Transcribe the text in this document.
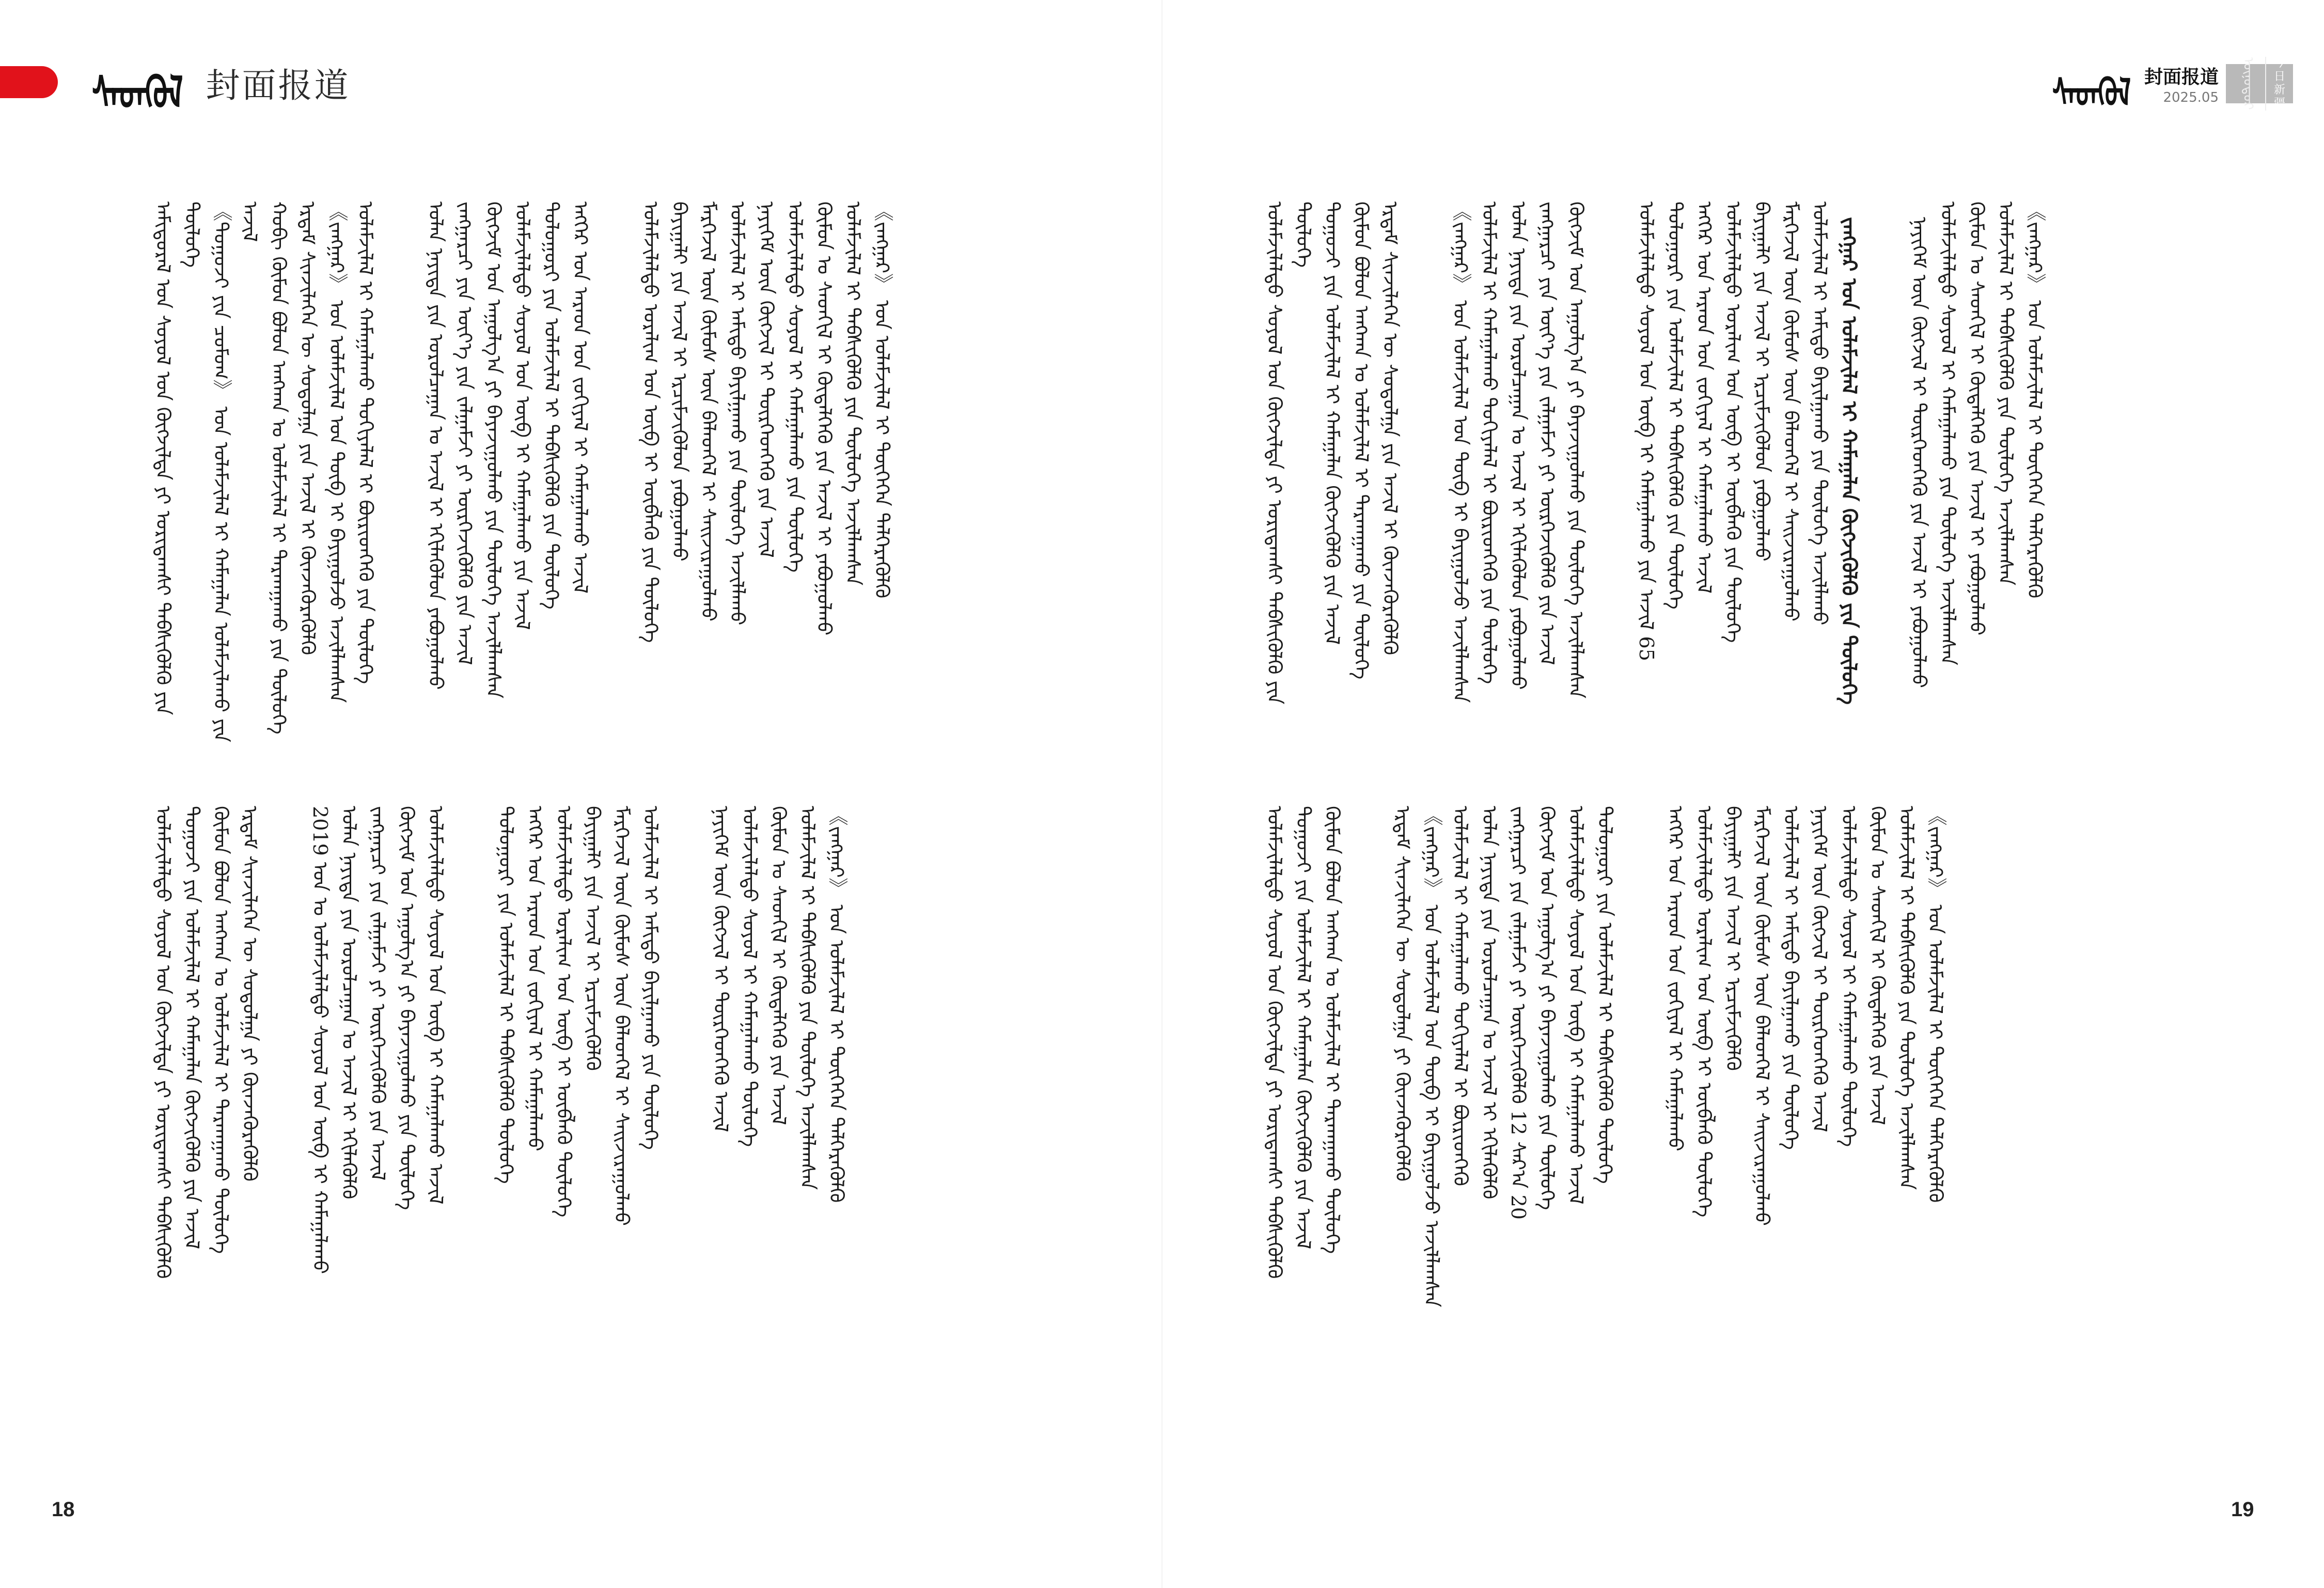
ᠰᠡᠳᠬᠦᠯ 封面报道	ᠰᠡᠳᠬᠦᠯ 封面报道
2025.05	ᠥᠨᠥᠳᠦᠷ	今日新疆
ᠠᠮᠢᠳᠤᠷᠠᠯ ᠤᠨ ᠰᠤᠶᠤᠯ ᠤᠨ ᠬᠥᠭᠵᠢᠯᠲᠡ ᠶᠢ ᠤᠷᠢᠳᠠᠭᠰᠢ ᠳᠡᠪᠰᠢᠭᠦᠯᠬᠦ ᠶᠢᠨ ᠲᠥᠯᠥᠭᠡ 《ᠲᠤᠭᠤᠵᠢ ᠶᠢᠨ ᠴᠤᠮᠤᠭ》 ᠤᠨ ᠤᠯᠠᠮᠵᠢᠯᠠᠯ ᠢ ᠬᠠᠮᠠᠭᠠᠯᠠᠨ ᠤᠯᠠᠮᠵᠢᠯᠠᠬᠤ ᠶᠢᠨ ᠠᠵᠢᠯ ᠬᠤᠪᠢ ᠬᠦᠮᠦᠨ ᠪᠣᠯᠤᠨ ᠠᠩᠬᠠᠨ ᠤ ᠤᠯᠠᠮᠵᠢᠯᠠᠯ ᠢ ᠲᠠᠷᠬᠠᠭᠠᠬᠤ ᠶᠢᠨ ᠲᠥᠯᠥᠭᠡ ᠡᠷᠳᠡᠮ ᠰᠢᠨᠵᠢᠯᠡᠭᠡᠨ ᠦ ᠰᠤᠳᠤᠯᠭᠠ ᠶᠢᠨ ᠠᠵᠢᠯ ᠢ ᠭᠦᠨᠵᠡᠭᠦᠷᠡᠭᠦᠯᠬᠦ 《ᠵᠠᠩᠭᠠᠷ》 ᠤᠨ ᠤᠯᠠᠮᠵᠢᠯᠠᠯ ᠤᠨ ᠲᠥᠪ ᠢ ᠪᠠᠶᠢᠭᠤᠯᠵᠤ ᠠᠵᠢᠯᠯᠠᠭᠰᠠᠨ ᠤᠯᠠᠮᠵᠢᠯᠠᠯ ᠢ ᠬᠠᠮᠠᠭᠠᠯᠠᠬᠤ ᠲᠣᠬᠢᠶᠠᠯᠠᠯ ᠢ ᠪᠦᠷᠢᠳᠬᠡᠬᠦ ᠶᠢᠨ ᠲᠥᠯᠥᠭᠡ	ᠣᠯᠠᠨ ᠨᠡᠶᠢᠲᠡ ᠶᠢᠨ ᠤᠷᠤᠯᠴᠠᠭᠠᠨ ᠤ ᠠᠵᠢᠯ ᠢ ᠡᠬᠢᠯᠡᠭᠦᠯᠦᠨ ᠶᠠᠪᠤᠭᠤᠯᠬᠤ ᠵᠠᠩᠭᠠᠷᠴᠢ ᠶᠢᠨ ᠦᠶ᠎ᠡ ᠶᠢᠨ ᠵᠠᠯᠭᠠᠮᠵᠢ ᠶᠢ ᠥᠷᠭᠡᠵᠢᠭᠦᠯᠬᠦ ᠶᠢᠨ ᠠᠵᠢᠯ ᠬᠥᠭᠵᠢᠮ ᠤᠨ ᠠᠭᠤᠯᠭ᠎ᠠ ᠶᠢ ᠪᠠᠶᠠᠵᠢᠭᠤᠯᠬᠤ ᠶᠢᠨ ᠲᠥᠯᠥᠭᠡ ᠠᠵᠢᠯᠯᠠᠭᠰᠠᠨ ᠤᠯᠠᠮᠵᠢᠯᠠᠯᠲᠤ ᠰᠣᠶᠣᠯ ᠤᠨ ᠥᠪ ᠢ ᠬᠠᠮᠠᠭᠠᠯᠠᠬᠤ ᠶᠢᠨ ᠠᠵᠢᠯ ᠲᠤᠯᠤᠭᠤᠷᠢ ᠶᠢᠨ ᠤᠯᠠᠮᠵᠢᠯᠠᠯ ᠢ ᠳᠡᠪᠰᠢᠭᠦᠯᠬᠦ ᠶᠢᠨ ᠲᠥᠯᠥᠭᠡ ᠡᠩᠭᠡᠷ ᠤᠨ ᠠᠷᠠᠳ ᠤᠨ ᠵᠣᠬᠢᠶᠠᠯ ᠢ ᠬᠠᠮᠠᠭᠠᠯᠠᠬᠤ ᠠᠵᠢᠯ	ᠤᠯᠠᠮᠵᠢᠯᠠᠯᠲᠤ ᠤᠷᠠᠯᠢᠭ ᠤᠨ ᠥᠪ ᠢ ᠥᠪᠯᠡᠬᠦ ᠶᠢᠨ ᠲᠥᠯᠥᠭᠡ ᠪᠠᠶᠢᠭᠠᠯᠢ ᠶᠢᠨ ᠠᠵᠢᠯ ᠢ ᠡᠷᠴᠢᠮᠵᠢᠭᠦᠯᠦᠨ ᠶᠠᠪᠤᠭᠤᠯᠬᠤ ᠮᠡᠷᠭᠡᠵᠢᠯ ᠦᠨ ᠬᠦᠮᠦᠰ ᠦᠨ ᠪᠡᠯᠡᠳᠬᠡᠯ ᠢ ᠰᠠᠢᠵᠢᠷᠠᠭᠤᠯᠬᠤ ᠤᠯᠠᠮᠵᠢᠯᠠᠯ ᠢ ᠠᠮᠢᠳᠤ ᠪᠠᠶᠢᠯᠭᠠᠬᠤ ᠶᠢᠨ ᠲᠥᠯᠥᠭᠡ ᠠᠵᠢᠯᠯᠠᠬᠤ ᠨᠡᠶᠢᠭᠡᠮ ᠦᠨ ᠬᠥᠭᠵᠢᠯ ᠢ ᠲᠦᠷᠭᠡᠳᠬᠡᠬᠦ ᠶᠢᠨ ᠠᠵᠢᠯ ᠤᠯᠠᠮᠵᠢᠯᠠᠯᠲᠤ ᠰᠤᠶᠤᠯ ᠢ ᠬᠠᠮᠠᠭᠠᠯᠠᠬᠤ ᠶᠢᠨ ᠲᠥᠯᠥᠭᠡ ᠬᠦᠮᠦᠨ ᠤ ᠰᠡᠳᠬᠢᠯ ᠢ ᠬᠥᠳᠡᠯᠭᠡᠬᠦ ᠶᠢᠨ ᠠᠵᠢᠯ ᠢ ᠶᠠᠪᠤᠭᠤᠯᠬᠤ ᠤᠯᠠᠮᠵᠢᠯᠠᠯ ᠢ ᠳᠡᠪᠰᠢᠭᠦᠯᠬᠦ ᠶᠢᠨ ᠲᠥᠯᠥᠭᠡ ᠠᠵᠢᠯᠯᠠᠭᠰᠠᠨ 《ᠵᠠᠩᠭᠠᠷ》 ᠤᠨ ᠤᠯᠠᠮᠵᠢᠯᠠᠯ ᠢ ᠲᠦᠭᠡᠭᠡᠨ ᠳᠡᠯᠭᠡᠷᠡᠭᠦᠯᠬᠦ
ᠤᠯᠠᠮᠵᠢᠯᠠᠯᠲᠤ ᠰᠤᠶᠤᠯ ᠤᠨ ᠬᠥᠭᠵᠢᠯᠲᠡ ᠶᠢ ᠤᠷᠢᠳᠠᠭᠰᠢ ᠳᠡᠪᠰᠢᠭᠦᠯᠬᠦ ᠲᠤᠭᠤᠵᠢ ᠶᠢᠨ ᠤᠯᠠᠮᠵᠢᠯᠠᠯ ᠢ ᠬᠠᠮᠠᠭᠠᠯᠠᠨ ᠬᠥᠭᠵᠢᠭᠦᠯᠬᠦ ᠶᠢᠨ ᠠᠵᠢᠯ ᠬᠦᠮᠦᠨ ᠪᠣᠯᠤᠨ ᠠᠩᠬᠠᠨ ᠤ ᠤᠯᠠᠮᠵᠢᠯᠠᠯ ᠢ ᠲᠠᠷᠬᠠᠭᠠᠬᠤ ᠲᠥᠯᠥᠭᠡ ᠡᠷᠳᠡᠮ ᠰᠢᠨᠵᠢᠯᠡᠭᠡᠨ ᠦ ᠰᠤᠳᠤᠯᠭᠠ ᠶᠢ ᠭᠦᠨᠵᠡᠭᠦᠷᠡᠭᠦᠯᠬᠦ	2019 ᠣᠨ ᠤ ᠤᠯᠠᠮᠵᠢᠯᠠᠯᠲᠤ ᠰᠤᠶᠤᠯ ᠤᠨ ᠥᠪ ᠢ ᠬᠠᠮᠠᠭᠠᠯᠠᠬᠤ ᠣᠯᠠᠨ ᠨᠡᠶᠢᠲᠡ ᠶᠢᠨ ᠤᠷᠤᠯᠴᠠᠭᠠᠨ ᠤ ᠠᠵᠢᠯ ᠢ ᠡᠬᠢᠯᠡᠭᠦᠯᠬᠦ ᠵᠠᠩᠭᠠᠷᠴᠢ ᠶᠢᠨ ᠵᠠᠯᠭᠠᠮᠵᠢ ᠶᠢ ᠥᠷᠭᠡᠵᠢᠭᠦᠯᠬᠦ ᠶᠢᠨ ᠠᠵᠢᠯ ᠬᠥᠭᠵᠢᠮ ᠤᠨ ᠠᠭᠤᠯᠭ᠎ᠠ ᠶᠢ ᠪᠠᠶᠠᠵᠢᠭᠤᠯᠬᠤ ᠶᠢᠨ ᠲᠥᠯᠥᠭᠡ ᠤᠯᠠᠮᠵᠢᠯᠠᠯᠲᠤ ᠰᠣᠶᠣᠯ ᠤᠨ ᠥᠪ ᠢ ᠬᠠᠮᠠᠭᠠᠯᠠᠬᠤ ᠠᠵᠢᠯ	ᠲᠤᠯᠤᠭᠤᠷᠢ ᠶᠢᠨ ᠤᠯᠠᠮᠵᠢᠯᠠᠯ ᠢ ᠳᠡᠪᠰᠢᠭᠦᠯᠬᠦ ᠲᠥᠯᠥᠭᠡ ᠡᠩᠭᠡᠷ ᠤᠨ ᠠᠷᠠᠳ ᠤᠨ ᠵᠣᠬᠢᠶᠠᠯ ᠢ ᠬᠠᠮᠠᠭᠠᠯᠠᠬᠤ ᠤᠯᠠᠮᠵᠢᠯᠠᠯᠲᠤ ᠤᠷᠠᠯᠢᠭ ᠤᠨ ᠥᠪ ᠢ ᠥᠪᠯᠡᠬᠦ ᠲᠥᠯᠥᠭᠡ ᠪᠠᠶᠢᠭᠠᠯᠢ ᠶᠢᠨ ᠠᠵᠢᠯ ᠢ ᠡᠷᠴᠢᠮᠵᠢᠭᠦᠯᠬᠦ ᠮᠡᠷᠭᠡᠵᠢᠯ ᠦᠨ ᠬᠦᠮᠦᠰ ᠦᠨ ᠪᠡᠯᠡᠳᠬᠡᠯ ᠢ ᠰᠠᠢᠵᠢᠷᠠᠭᠤᠯᠬᠤ ᠤᠯᠠᠮᠵᠢᠯᠠᠯ ᠢ ᠠᠮᠢᠳᠤ ᠪᠠᠶᠢᠯᠭᠠᠬᠤ ᠶᠢᠨ ᠲᠥᠯᠥᠭᠡ	ᠨᠡᠶᠢᠭᠡᠮ ᠦᠨ ᠬᠥᠭᠵᠢᠯ ᠢ ᠲᠦᠷᠭᠡᠳᠬᠡᠬᠦ ᠠᠵᠢᠯ ᠤᠯᠠᠮᠵᠢᠯᠠᠯᠲᠤ ᠰᠤᠶᠤᠯ ᠢ ᠬᠠᠮᠠᠭᠠᠯᠠᠬᠤ ᠲᠥᠯᠥᠭᠡ ᠬᠦᠮᠦᠨ ᠤ ᠰᠡᠳᠬᠢᠯ ᠢ ᠬᠥᠳᠡᠯᠭᠡᠬᠦ ᠶᠢᠨ ᠠᠵᠢᠯ ᠤᠯᠠᠮᠵᠢᠯᠠᠯ ᠢ ᠳᠡᠪᠰᠢᠭᠦᠯᠬᠦ ᠶᠢᠨ ᠲᠥᠯᠥᠭᠡ ᠠᠵᠢᠯᠯᠠᠭᠰᠠᠨ 《ᠵᠠᠩᠭᠠᠷ》 ᠤᠨ ᠤᠯᠠᠮᠵᠢᠯᠠᠯ ᠢ ᠲᠦᠭᠡᠭᠡᠨ ᠳᠡᠯᠭᠡᠷᠡᠭᠦᠯᠬᠦ
ᠤᠯᠠᠮᠵᠢᠯᠠᠯᠲᠤ ᠰᠤᠶᠤᠯ ᠤᠨ ᠬᠥᠭᠵᠢᠯᠲᠡ ᠶᠢ ᠤᠷᠢᠳᠠᠭᠰᠢ ᠳᠡᠪᠰᠢᠭᠦᠯᠬᠦ ᠶᠢᠨ ᠲᠥᠯᠥᠭᠡ ᠲᠤᠭᠤᠵᠢ ᠶᠢᠨ ᠤᠯᠠᠮᠵᠢᠯᠠᠯ ᠢ ᠬᠠᠮᠠᠭᠠᠯᠠᠨ ᠬᠥᠭᠵᠢᠭᠦᠯᠬᠦ ᠶᠢᠨ ᠠᠵᠢᠯ ᠬᠦᠮᠦᠨ ᠪᠣᠯᠤᠨ ᠠᠩᠬᠠᠨ ᠤ ᠤᠯᠠᠮᠵᠢᠯᠠᠯ ᠢ ᠲᠠᠷᠬᠠᠭᠠᠬᠤ ᠶᠢᠨ ᠲᠥᠯᠥᠭᠡ ᠡᠷᠳᠡᠮ ᠰᠢᠨᠵᠢᠯᠡᠭᠡᠨ ᠦ ᠰᠤᠳᠤᠯᠭᠠ ᠶᠢᠨ ᠠᠵᠢᠯ ᠢ ᠭᠦᠨᠵᠡᠭᠦᠷᠡᠭᠦᠯᠬᠦ	《ᠵᠠᠩᠭᠠᠷ》 ᠤᠨ ᠤᠯᠠᠮᠵᠢᠯᠠᠯ ᠤᠨ ᠲᠥᠪ ᠢ ᠪᠠᠶᠢᠭᠤᠯᠵᠤ ᠠᠵᠢᠯᠯᠠᠭᠰᠠᠨ ᠤᠯᠠᠮᠵᠢᠯᠠᠯ ᠢ ᠬᠠᠮᠠᠭᠠᠯᠠᠬᠤ ᠲᠣᠬᠢᠶᠠᠯᠠᠯ ᠢ ᠪᠦᠷᠢᠳᠬᠡᠬᠦ ᠶᠢᠨ ᠲᠥᠯᠥᠭᠡ ᠣᠯᠠᠨ ᠨᠡᠶᠢᠲᠡ ᠶᠢᠨ ᠤᠷᠤᠯᠴᠠᠭᠠᠨ ᠤ ᠠᠵᠢᠯ ᠢ ᠡᠬᠢᠯᠡᠭᠦᠯᠦᠨ ᠶᠠᠪᠤᠭᠤᠯᠬᠤ ᠵᠠᠩᠭᠠᠷᠴᠢ ᠶᠢᠨ ᠦᠶ᠎ᠡ ᠶᠢᠨ ᠵᠠᠯᠭᠠᠮᠵᠢ ᠶᠢ ᠥᠷᠭᠡᠵᠢᠭᠦᠯᠬᠦ ᠶᠢᠨ ᠠᠵᠢᠯ ᠬᠥᠭᠵᠢᠮ ᠤᠨ ᠠᠭᠤᠯᠭ᠎ᠠ ᠶᠢ ᠪᠠᠶᠠᠵᠢᠭᠤᠯᠬᠤ ᠶᠢᠨ ᠲᠥᠯᠥᠭᠡ ᠠᠵᠢᠯᠯᠠᠭᠰᠠᠨ	ᠤᠯᠠᠮᠵᠢᠯᠠᠯᠲᠤ ᠰᠣᠶᠣᠯ ᠤᠨ ᠥᠪ ᠢ ᠬᠠᠮᠠᠭᠠᠯᠠᠬᠤ ᠶᠢᠨ ᠠᠵᠢᠯ 65 ᠲᠤᠯᠤᠭᠤᠷᠢ ᠶᠢᠨ ᠤᠯᠠᠮᠵᠢᠯᠠᠯ ᠢ ᠳᠡᠪᠰᠢᠭᠦᠯᠬᠦ ᠶᠢᠨ ᠲᠥᠯᠥᠭᠡ ᠡᠩᠭᠡᠷ ᠤᠨ ᠠᠷᠠᠳ ᠤᠨ ᠵᠣᠬᠢᠶᠠᠯ ᠢ ᠬᠠᠮᠠᠭᠠᠯᠠᠬᠤ ᠠᠵᠢᠯ ᠤᠯᠠᠮᠵᠢᠯᠠᠯᠲᠤ ᠤᠷᠠᠯᠢᠭ ᠤᠨ ᠥᠪ ᠢ ᠥᠪᠯᠡᠬᠦ ᠶᠢᠨ ᠲᠥᠯᠥᠭᠡ ᠪᠠᠶᠢᠭᠠᠯᠢ ᠶᠢᠨ ᠠᠵᠢᠯ ᠢ ᠡᠷᠴᠢᠮᠵᠢᠭᠦᠯᠦᠨ ᠶᠠᠪᠤᠭᠤᠯᠬᠤ ᠮᠡᠷᠭᠡᠵᠢᠯ ᠦᠨ ᠬᠦᠮᠦᠰ ᠦᠨ ᠪᠡᠯᠡᠳᠬᠡᠯ ᠢ ᠰᠠᠢᠵᠢᠷᠠᠭᠤᠯᠬᠤ ᠤᠯᠠᠮᠵᠢᠯᠠᠯ ᠢ ᠠᠮᠢᠳᠤ ᠪᠠᠶᠢᠯᠭᠠᠬᠤ ᠶᠢᠨ ᠲᠥᠯᠥᠭᠡ ᠠᠵᠢᠯᠯᠠᠬᠤ ᠵᠠᠩᠭᠠᠷ ᠤᠨ ᠤᠯᠠᠮᠵᠢᠯᠠᠯ ᠢ ᠬᠠᠮᠠᠭᠠᠯᠠᠨ ᠬᠥᠭᠵᠢᠭᠦᠯᠬᠦ ᠶᠢᠨ ᠲᠥᠯᠥᠭᠡ	ᠨᠡᠶᠢᠭᠡᠮ ᠦᠨ ᠬᠥᠭᠵᠢᠯ ᠢ ᠲᠦᠷᠭᠡᠳᠬᠡᠬᠦ ᠶᠢᠨ ᠠᠵᠢᠯ ᠢ ᠶᠠᠪᠤᠭᠤᠯᠬᠤ ᠤᠯᠠᠮᠵᠢᠯᠠᠯᠲᠤ ᠰᠤᠶᠤᠯ ᠢ ᠬᠠᠮᠠᠭᠠᠯᠠᠬᠤ ᠶᠢᠨ ᠲᠥᠯᠥᠭᠡ ᠠᠵᠢᠯᠯᠠᠭᠰᠠᠨ ᠬᠦᠮᠦᠨ ᠤ ᠰᠡᠳᠬᠢᠯ ᠢ ᠬᠥᠳᠡᠯᠭᠡᠬᠦ ᠶᠢᠨ ᠠᠵᠢᠯ ᠢ ᠶᠠᠪᠤᠭᠤᠯᠬᠤ ᠤᠯᠠᠮᠵᠢᠯᠠᠯ ᠢ ᠳᠡᠪᠰᠢᠭᠦᠯᠬᠦ ᠶᠢᠨ ᠲᠥᠯᠥᠭᠡ ᠠᠵᠢᠯᠯᠠᠭᠰᠠᠨ 《ᠵᠠᠩᠭᠠᠷ》 ᠤᠨ ᠤᠯᠠᠮᠵᠢᠯᠠᠯ ᠢ ᠲᠦᠭᠡᠭᠡᠨ ᠳᠡᠯᠭᠡᠷᠡᠭᠦᠯᠬᠦ
ᠤᠯᠠᠮᠵᠢᠯᠠᠯᠲᠤ ᠰᠤᠶᠤᠯ ᠤᠨ ᠬᠥᠭᠵᠢᠯᠲᠡ ᠶᠢ ᠤᠷᠢᠳᠠᠭᠰᠢ ᠳᠡᠪᠰᠢᠭᠦᠯᠬᠦ ᠲᠤᠭᠤᠵᠢ ᠶᠢᠨ ᠤᠯᠠᠮᠵᠢᠯᠠᠯ ᠢ ᠬᠠᠮᠠᠭᠠᠯᠠᠨ ᠬᠥᠭᠵᠢᠭᠦᠯᠬᠦ ᠶᠢᠨ ᠠᠵᠢᠯ ᠬᠦᠮᠦᠨ ᠪᠣᠯᠤᠨ ᠠᠩᠬᠠᠨ ᠤ ᠤᠯᠠᠮᠵᠢᠯᠠᠯ ᠢ ᠲᠠᠷᠬᠠᠭᠠᠬᠤ ᠲᠥᠯᠥᠭᠡ	ᠡᠷᠳᠡᠮ ᠰᠢᠨᠵᠢᠯᠡᠭᠡᠨ ᠦ ᠰᠤᠳᠤᠯᠭᠠ ᠶᠢ ᠭᠦᠨᠵᠡᠭᠦᠷᠡᠭᠦᠯᠬᠦ 《ᠵᠠᠩᠭᠠᠷ》 ᠤᠨ ᠤᠯᠠᠮᠵᠢᠯᠠᠯ ᠤᠨ ᠲᠥᠪ ᠢ ᠪᠠᠶᠢᠭᠤᠯᠵᠤ ᠠᠵᠢᠯᠯᠠᠭᠰᠠᠨ ᠤᠯᠠᠮᠵᠢᠯᠠᠯ ᠢ ᠬᠠᠮᠠᠭᠠᠯᠠᠬᠤ ᠲᠣᠬᠢᠶᠠᠯᠠᠯ ᠢ ᠪᠦᠷᠢᠳᠬᠡᠬᠦ ᠣᠯᠠᠨ ᠨᠡᠶᠢᠲᠡ ᠶᠢᠨ ᠤᠷᠤᠯᠴᠠᠭᠠᠨ ᠤ ᠠᠵᠢᠯ ᠢ ᠡᠬᠢᠯᠡᠭᠦᠯᠬᠦ ᠵᠠᠩᠭᠠᠷᠴᠢ ᠶᠢᠨ ᠵᠠᠯᠭᠠᠮᠵᠢ ᠶᠢ ᠥᠷᠭᠡᠵᠢᠭᠦᠯᠬᠦ 12 ᠰᠠᠷ᠎ᠠ 20 ᠬᠥᠭᠵᠢᠮ ᠤᠨ ᠠᠭᠤᠯᠭ᠎ᠠ ᠶᠢ ᠪᠠᠶᠠᠵᠢᠭᠤᠯᠬᠤ ᠶᠢᠨ ᠲᠥᠯᠥᠭᠡ ᠤᠯᠠᠮᠵᠢᠯᠠᠯᠲᠤ ᠰᠣᠶᠣᠯ ᠤᠨ ᠥᠪ ᠢ ᠬᠠᠮᠠᠭᠠᠯᠠᠬᠤ ᠠᠵᠢᠯ ᠲᠤᠯᠤᠭᠤᠷᠢ ᠶᠢᠨ ᠤᠯᠠᠮᠵᠢᠯᠠᠯ ᠢ ᠳᠡᠪᠰᠢᠭᠦᠯᠬᠦ ᠲᠥᠯᠥᠭᠡ	ᠡᠩᠭᠡᠷ ᠤᠨ ᠠᠷᠠᠳ ᠤᠨ ᠵᠣᠬᠢᠶᠠᠯ ᠢ ᠬᠠᠮᠠᠭᠠᠯᠠᠬᠤ ᠤᠯᠠᠮᠵᠢᠯᠠᠯᠲᠤ ᠤᠷᠠᠯᠢᠭ ᠤᠨ ᠥᠪ ᠢ ᠥᠪᠯᠡᠬᠦ ᠲᠥᠯᠥᠭᠡ ᠪᠠᠶᠢᠭᠠᠯᠢ ᠶᠢᠨ ᠠᠵᠢᠯ ᠢ ᠡᠷᠴᠢᠮᠵᠢᠭᠦᠯᠬᠦ ᠮᠡᠷᠭᠡᠵᠢᠯ ᠦᠨ ᠬᠦᠮᠦᠰ ᠦᠨ ᠪᠡᠯᠡᠳᠬᠡᠯ ᠢ ᠰᠠᠢᠵᠢᠷᠠᠭᠤᠯᠬᠤ ᠤᠯᠠᠮᠵᠢᠯᠠᠯ ᠢ ᠠᠮᠢᠳᠤ ᠪᠠᠶᠢᠯᠭᠠᠬᠤ ᠶᠢᠨ ᠲᠥᠯᠥᠭᠡ ᠨᠡᠶᠢᠭᠡᠮ ᠦᠨ ᠬᠥᠭᠵᠢᠯ ᠢ ᠲᠦᠷᠭᠡᠳᠬᠡᠬᠦ ᠠᠵᠢᠯ ᠤᠯᠠᠮᠵᠢᠯᠠᠯᠲᠤ ᠰᠤᠶᠤᠯ ᠢ ᠬᠠᠮᠠᠭᠠᠯᠠᠬᠤ ᠲᠥᠯᠥᠭᠡ ᠬᠦᠮᠦᠨ ᠤ ᠰᠡᠳᠬᠢᠯ ᠢ ᠬᠥᠳᠡᠯᠭᠡᠬᠦ ᠶᠢᠨ ᠠᠵᠢᠯ ᠤᠯᠠᠮᠵᠢᠯᠠᠯ ᠢ ᠳᠡᠪᠰᠢᠭᠦᠯᠬᠦ ᠶᠢᠨ ᠲᠥᠯᠥᠭᠡ ᠠᠵᠢᠯᠯᠠᠭᠰᠠᠨ 《ᠵᠠᠩᠭᠠᠷ》 ᠤᠨ ᠤᠯᠠᠮᠵᠢᠯᠠᠯ ᠢ ᠲᠦᠭᠡᠭᠡᠨ ᠳᠡᠯᠭᠡᠷᠡᠭᠦᠯᠬᠦ
18	19
